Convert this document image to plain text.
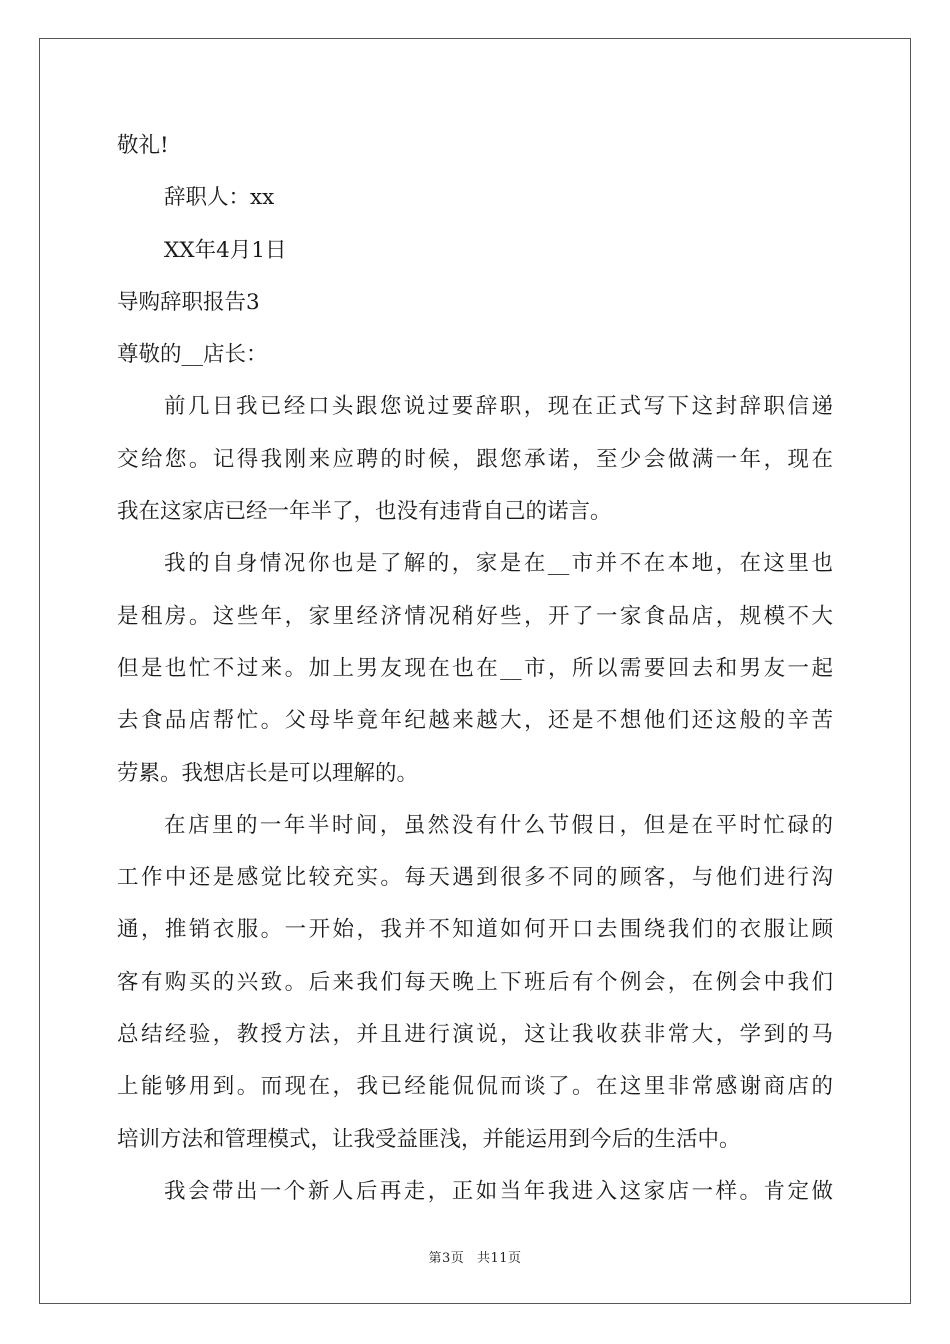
敬礼!
辞职人：xx
XX年4月1日
导购辞职报告3
尊敬的__店长：
前几日我已经口头跟您说过要辞职，现在正式写下这封辞职信递
交给您。记得我刚来应聘的时候，跟您承诺，至少会做满一年，现在
我在这家店已经一年半了，也没有违背自己的诺言。
我的自身情况你也是了解的，家是在__市并不在本地，在这里也
是租房。这些年，家里经济情况稍好些，开了一家食品店，规模不大
但是也忙不过来。加上男友现在也在__市，所以需要回去和男友一起
去食品店帮忙。父母毕竟年纪越来越大，还是不想他们还这般的辛苦
劳累。我想店长是可以理解的。
在店里的一年半时间，虽然没有什么节假日，但是在平时忙碌的
工作中还是感觉比较充实。每天遇到很多不同的顾客，与他们进行沟
通，推销衣服。一开始，我并不知道如何开口去围绕我们的衣服让顾
客有购买的兴致。后来我们每天晚上下班后有个例会，在例会中我们
总结经验，教授方法，并且进行演说，这让我收获非常大，学到的马
上能够用到。而现在，我已经能侃侃而谈了。在这里非常感谢商店的
培训方法和管理模式，让我受益匪浅，并能运用到今后的生活中。
我会带出一个新人后再走，正如当年我进入这家店一样。肯定做
第3页 共11页
